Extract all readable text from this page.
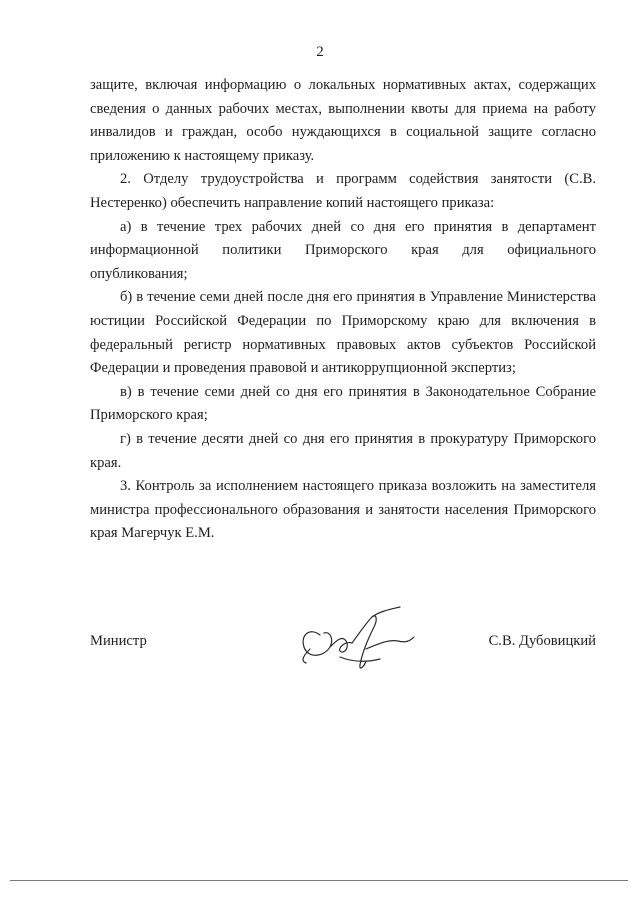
2

защите, включая информацию о локальных нормативных актах, содержащих сведения о данных рабочих местах, выполнении квоты для приема на работу инвалидов и граждан, особо нуждающихся в социальной защите согласно приложению к настоящему приказу.

2. Отделу трудоустройства и программ содействия занятости (С.В. Нестеренко) обеспечить направление копий настоящего приказа:

а) в течение трех рабочих дней со дня его принятия в департамент информационной политики Приморского края для официального опубликования;

б) в течение семи дней после дня его принятия в Управление Министерства юстиции Российской Федерации по Приморскому краю для включения в федеральный регистр нормативных правовых актов субъектов Российской Федерации и проведения правовой и антикоррупционной экспертиз;

в) в течение семи дней со дня его принятия в Законодательное Собрание Приморского края;

г) в течение десяти дней со дня его принятия в прокуратуру Приморского края.

3. Контроль за исполнением настоящего приказа возложить на заместителя министра профессионального образования и занятости населения Приморского края Магерчук Е.М.

Министр	С.В. Дубовицкий
